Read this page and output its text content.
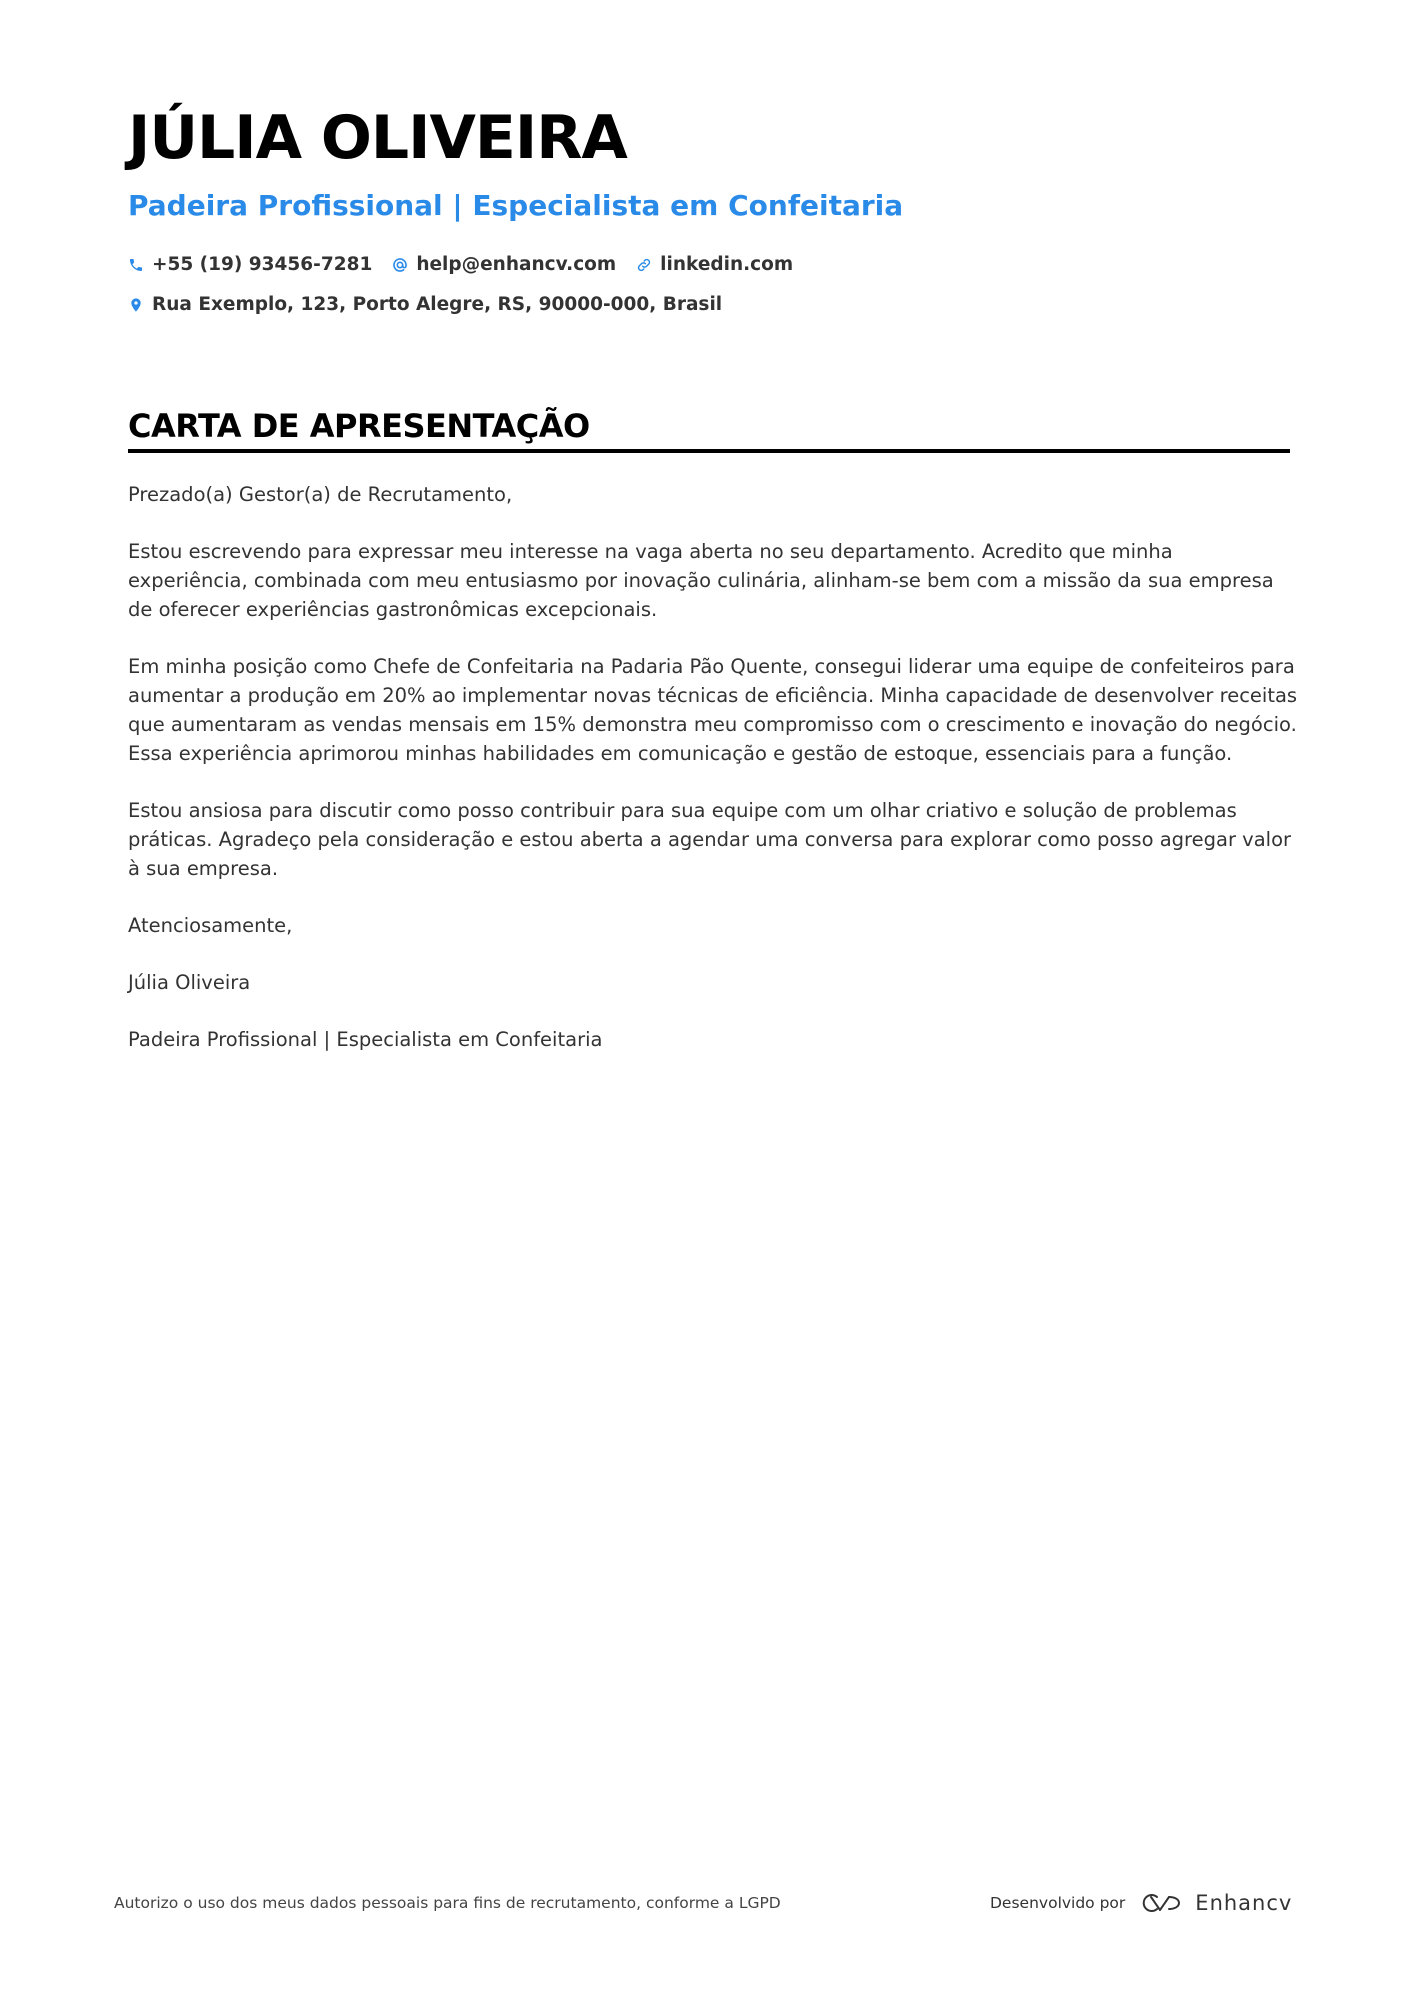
JÚLIA OLIVEIRA
Padeira Profissional | Especialista em Confeitaria
+55 (19) 93456-7281 help@enhancv.com linkedin.com
Rua Exemplo, 123, Porto Alegre, RS, 90000-000, Brasil
CARTA DE APRESENTAÇÃO

Prezado(a) Gestor(a) de Recrutamento,

Estou escrevendo para expressar meu interesse na vaga aberta no seu departamento. Acredito que minha experiência, combinada com meu entusiasmo por inovação culinária, alinham-se bem com a missão da sua empresa de oferecer experiências gastronômicas excepcionais.

Em minha posição como Chefe de Confeitaria na Padaria Pão Quente, consegui liderar uma equipe de confeiteiros para aumentar a produção em 20% ao implementar novas técnicas de eficiência. Minha capacidade de desenvolver receitas que aumentaram as vendas mensais em 15% demonstra meu compromisso com o crescimento e inovação do negócio. Essa experiência aprimorou minhas habilidades em comunicação e gestão de estoque, essenciais para a função.

Estou ansiosa para discutir como posso contribuir para sua equipe com um olhar criativo e solução de problemas práticas. Agradeço pela consideração e estou aberta a agendar uma conversa para explorar como posso agregar valor à sua empresa.

Atenciosamente,

Júlia Oliveira

Padeira Profissional | Especialista em Confeitaria

Autorizo o uso dos meus dados pessoais para fins de recrutamento, conforme a LGPD	Desenvolvido por	Enhancv
